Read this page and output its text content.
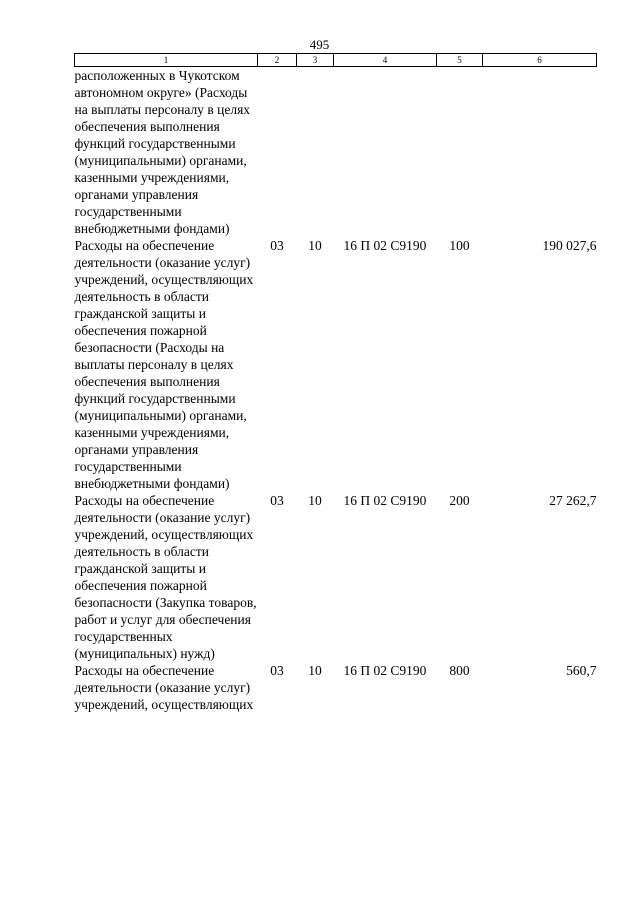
495
1	2	3	4	5	6
расположенных в Чукотском автономном округе» (Расходы на выплаты персоналу в целях обеспечения выполнения функций государственными (муниципальными) органами, казенными учреждениями, органами управления государственными внебюджетными фондами)					
Расходы на обеспечение деятельности (оказание услуг) учреждений, осуществляющих деятельность в области гражданской защиты и обеспечения пожарной безопасности (Расходы на выплаты персоналу в целях обеспечения выполнения функций государственными (муниципальными) органами, казенными учреждениями, органами управления государственными внебюджетными фондами)	03	10	16 П 02 С9190	100	190 027,6
Расходы на обеспечение деятельности (оказание услуг) учреждений, осуществляющих деятельность в области гражданской защиты и обеспечения пожарной безопасности (Закупка товаров, работ и услуг для обеспечения государственных (муниципальных) нужд)	03	10	16 П 02 С9190	200	27 262,7
Расходы на обеспечение деятельности (оказание услуг) учреждений, осуществляющих	03	10	16 П 02 С9190	800	560,7
